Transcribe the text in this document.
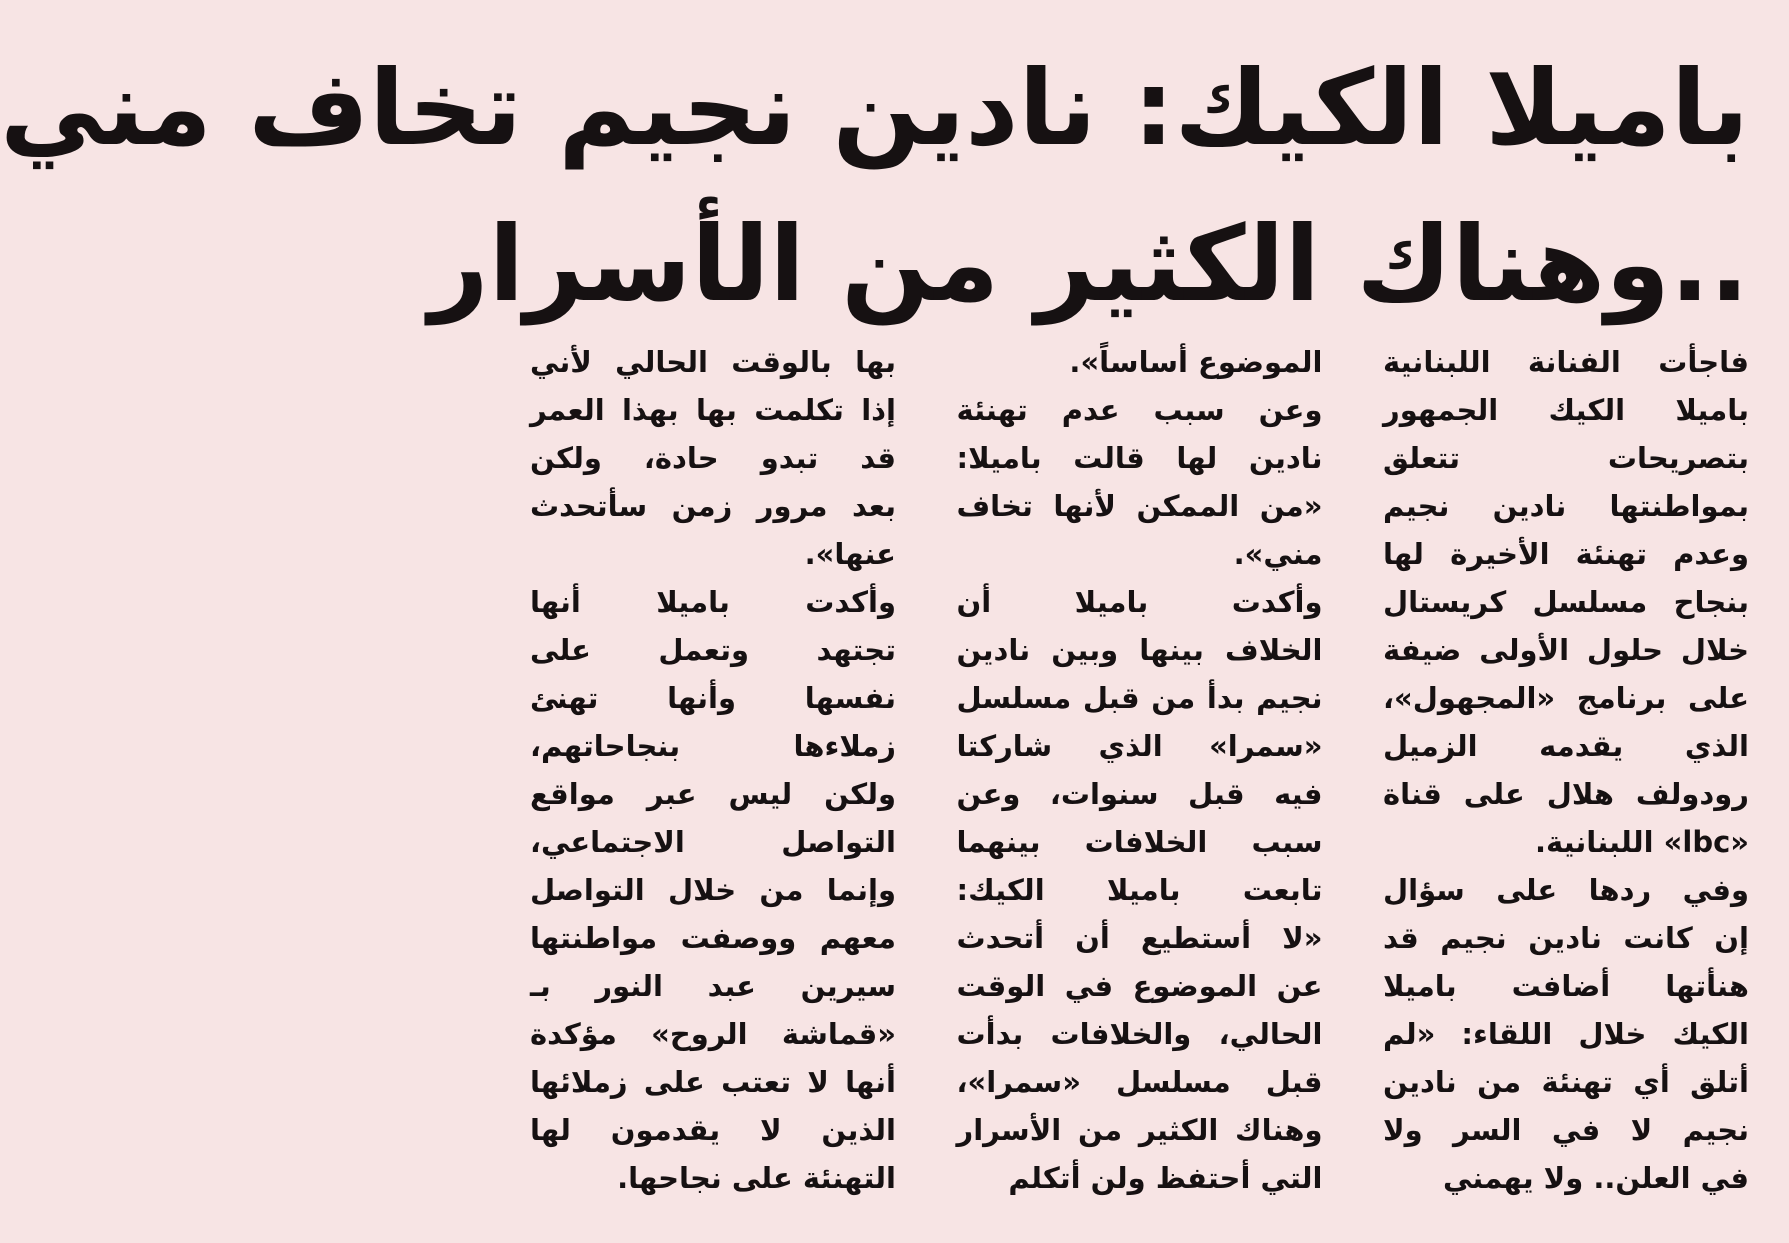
باميلا الكيك: نادين نجيم تخاف مني
..وهناك الكثير من الأسرار
فاجأت الفنانة اللبنانية
باميلا الكيك الجمهور
بتصريحات تتعلق
بمواطنتها نادين نجيم
وعدم تهنئة الأخيرة لها
بنجاح مسلسل كريستال
خلال حلول الأولى ضيفة
على برنامج «المجهول»،
الذي يقدمه الزميل
رودولف هلال على قناة
«lbc» اللبنانية.
وفي ردها على سؤال
إن كانت نادين نجيم قد
هنأتها أضافت باميلا
الكيك خلال اللقاء: «لم
أتلق أي تهنئة من نادين
نجيم لا في السر ولا
في العلن.. ولا يهمني
الموضوع أساساً».
وعن سبب عدم تهنئة
نادين لها قالت باميلا:
«من الممكن لأنها تخاف
مني».
وأكدت باميلا أن
الخلاف بينها وبين نادين
نجيم بدأ من قبل مسلسل
«سمرا» الذي شاركتا
فيه قبل سنوات، وعن
سبب الخلافات بينهما
تابعت باميلا الكيك:
«لا أستطيع أن أتحدث
عن الموضوع في الوقت
الحالي، والخلافات بدأت
قبل مسلسل «سمرا»،
وهناك الكثير من الأسرار
التي أحتفظ ولن أتكلم
بها بالوقت الحالي لأني
إذا تكلمت بها بهذا العمر
قد تبدو حادة، ولكن
بعد مرور زمن سأتحدث
عنها».
وأكدت باميلا أنها
تجتهد وتعمل على
نفسها وأنها تهنئ
زملاءها بنجاحاتهم،
ولكن ليس عبر مواقع
التواصل الاجتماعي،
وإنما من خلال التواصل
معهم ووصفت مواطنتها
سيرين عبد النور بـ
«قماشة الروح» مؤكدة
أنها لا تعتب على زملائها
الذين لا يقدمون لها
التهنئة على نجاحها.
